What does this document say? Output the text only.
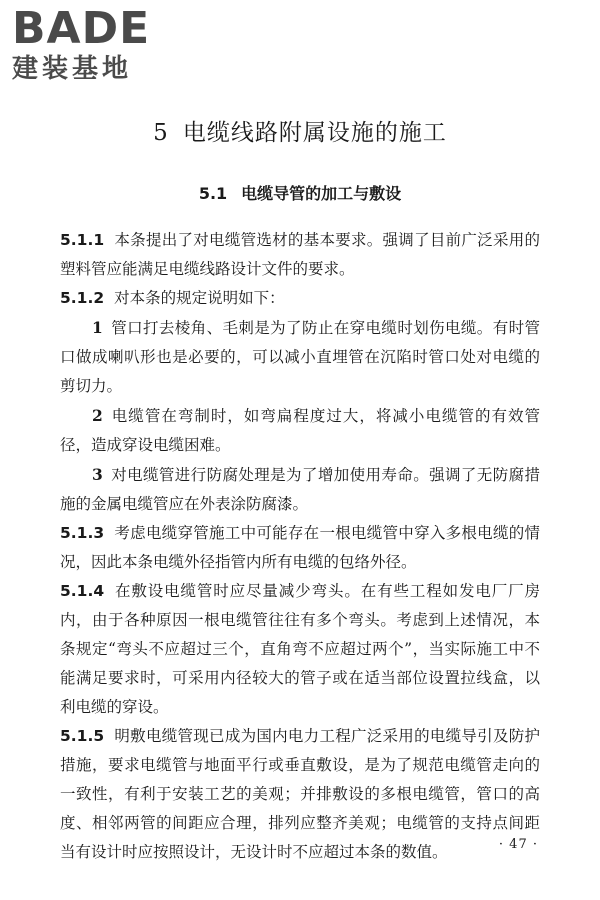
BADE
建装基地
5 电缆线路附属设施的施工
5.1 电缆导管的加工与敷设

5.1.1 本条提出了对电缆管选材的基本要求。强调了目前广泛采用的塑料管应能满足电缆线路设计文件的要求。

5.1.2 对本条的规定说明如下：

1 管口打去棱角、毛刺是为了防止在穿电缆时划伤电缆。有时管口做成喇叭形也是必要的，可以减小直埋管在沉陷时管口处对电缆的剪切力。

2 电缆管在弯制时，如弯扁程度过大，将减小电缆管的有效管径，造成穿设电缆困难。

3 对电缆管进行防腐处理是为了增加使用寿命。强调了无防腐措施的金属电缆管应在外表涂防腐漆。

5.1.3 考虑电缆穿管施工中可能存在一根电缆管中穿入多根电缆的情况，因此本条电缆外径指管内所有电缆的包络外径。

5.1.4 在敷设电缆管时应尽量减少弯头。在有些工程如发电厂厂房内，由于各种原因一根电缆管往往有多个弯头。考虑到上述情况，本条规定“弯头不应超过三个，直角弯不应超过两个”，当实际施工中不能满足要求时，可采用内径较大的管子或在适当部位设置拉线盒，以利电缆的穿设。

5.1.5 明敷电缆管现已成为国内电力工程广泛采用的电缆导引及防护措施，要求电缆管与地面平行或垂直敷设，是为了规范电缆管走向的一致性，有利于安装工艺的美观；并排敷设的多根电缆管，管口的高度、相邻两管的间距应合理，排列应整齐美观；电缆管的支持点间距当有设计时应按照设计，无设计时不应超过本条的数值。	· 47 ·
